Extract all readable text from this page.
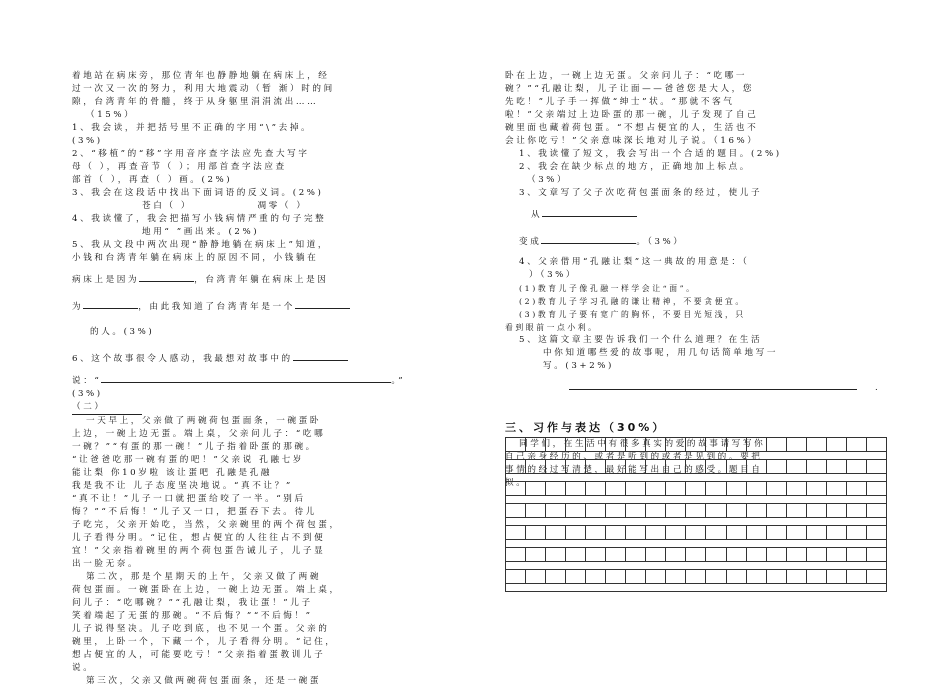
着地站在病床旁，那位青年也静静地躺在病床上，经
过一次又一次的努力，利用大地震动（暂 渐）时的间
隙，台湾青年的骨髓，终于从身躯里涓涓流出……
（15%）
1、我会读，并把括号里不正确的字用“\”去掉。
(3%)
2、“移植”的“移”字用音序查字法应先查大写字
母（ ），再查音节（ ）；用部首查字法应查
部首（ ），再查（ ）画。(2%)
3、我会在这段话中找出下面词语的反义词。(2%)
苍白（ ）	凋零（ ）
4、我读懂了，我会把描写小钱病情严重的句子完整
地用“ ”画出来。(2%)
5、我从文段中两次出现“静静地躺在病床上”知道，
小钱和台湾青年躺在病床上的原因不同，小钱躺在
病床上是因为	，台湾青年躺在病床上是因
为	，由此我知道了台湾青年是一个
的人。(3%)
6、这个故事很令人感动，我最想对故事中的
说：“	。”
(3%)
（二）
一天早上，父亲做了两碗荷包蛋面条，一碗蛋卧
上边，一碗上边无蛋。端上桌，父亲问儿子：“吃哪
一碗？”“有蛋的那一碗！”儿子指着卧蛋的那碗。
“让爸爸吃那一碗有蛋的吧！”父亲说 孔融七岁
能让梨 你10岁啦 该让蛋吧 孔融是孔融
我是我不让 儿子态度坚决地说。“真不让？”
“真不让！”儿子一口就把蛋给咬了一半。“别后
悔？”“不后悔！”儿子又一口，把蛋吞下去。待儿
子吃完，父亲开始吃，当然，父亲碗里的两个荷包蛋，
儿子看得分明。“记住，想占便宜的人往往占不到便
宜！”父亲指着碗里的两个荷包蛋告诫儿子，儿子显
出一脸无奈。
第二次，那是个星期天的上午，父亲又做了两碗
荷包蛋面。一碗蛋卧在上边，一碗上边无蛋。端上桌，
问儿子：“吃哪碗？”“孔融让梨，我让蛋！”儿子
笑着端起了无蛋的那碗。“不后悔？”“不后悔！”
儿子说得坚决。儿子吃到底，也不见一个蛋。父亲的
碗里，上卧一个，下藏一个，儿子看得分明。“记住，
想占便宜的人，可能要吃亏！”父亲指着蛋教训儿子
说。
第三次，父亲又做两碗荷包蛋面条，还是一碗蛋
卧在上边，一碗上边无蛋。父亲问儿子：“吃哪一
碗？”“孔融让梨，儿子让面——爸爸您是大人，您
先吃！”儿子手一挥做“绅士”状。“那就不客气
啦！”父亲端过上边卧蛋的那一碗，儿子发现了自己
碗里面也藏着荷包蛋。“不想占便宜的人，生活也不
会让你吃亏！”父亲意味深长地对儿子说。（16%）
1、我读懂了短文，我会写出一个合适的题目。(2%)
2、我会在缺少标点的地方，正确地加上标点。
（3%）
3、文章写了父子次吃荷包蛋面条的经过，使儿子
从
变成	。（3%）
4、父亲借用“孔融让梨”这一典故的用意是：（
）（3%）
(1)教育儿子像孔融一样学会让“面”。
(2)教育儿子学习孔融的谦让精神，不要贪便宜。
(3)教育儿子要有宽广的胸怀，不要目光短浅，只
看到眼前一点小利。
5、这篇文章主要告诉我们一个什么道理？在生活
中你知道哪些爱的故事呢，用几句话简单地写一
写。(3+2%)
.
三、习作与表达（30%）
同学们，在生活中有很多真实的爱的故事请写写你
自己亲身经历的、或者是听到的或者是见到的。要把
事情的经过写清楚，最好能写出自己的感受。题目自
拟。
